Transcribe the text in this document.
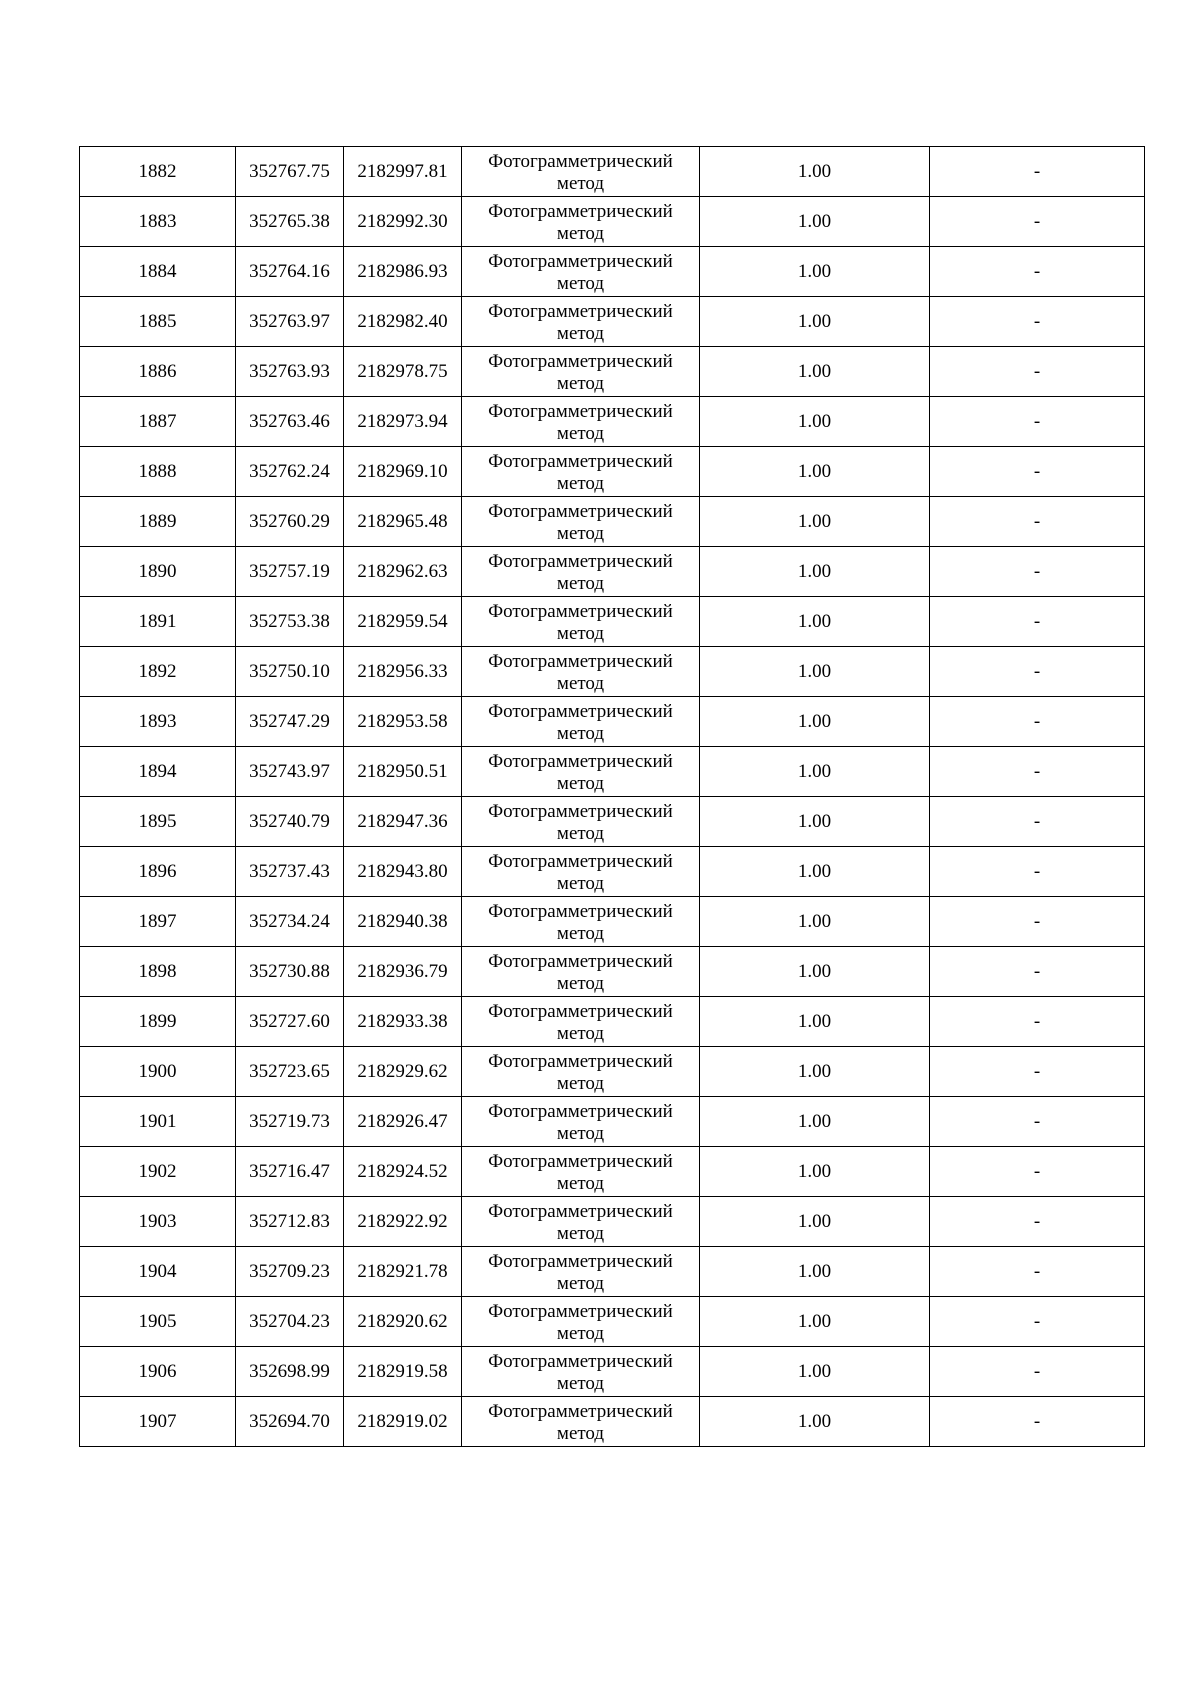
1882	352767.75	2182997.81	Фотограмметрический метод	1.00	-
1883	352765.38	2182992.30	Фотограмметрический метод	1.00	-
1884	352764.16	2182986.93	Фотограмметрический метод	1.00	-
1885	352763.97	2182982.40	Фотограмметрический метод	1.00	-
1886	352763.93	2182978.75	Фотограмметрический метод	1.00	-
1887	352763.46	2182973.94	Фотограмметрический метод	1.00	-
1888	352762.24	2182969.10	Фотограмметрический метод	1.00	-
1889	352760.29	2182965.48	Фотограмметрический метод	1.00	-
1890	352757.19	2182962.63	Фотограмметрический метод	1.00	-
1891	352753.38	2182959.54	Фотограмметрический метод	1.00	-
1892	352750.10	2182956.33	Фотограмметрический метод	1.00	-
1893	352747.29	2182953.58	Фотограмметрический метод	1.00	-
1894	352743.97	2182950.51	Фотограмметрический метод	1.00	-
1895	352740.79	2182947.36	Фотограмметрический метод	1.00	-
1896	352737.43	2182943.80	Фотограмметрический метод	1.00	-
1897	352734.24	2182940.38	Фотограмметрический метод	1.00	-
1898	352730.88	2182936.79	Фотограмметрический метод	1.00	-
1899	352727.60	2182933.38	Фотограмметрический метод	1.00	-
1900	352723.65	2182929.62	Фотограмметрический метод	1.00	-
1901	352719.73	2182926.47	Фотограмметрический метод	1.00	-
1902	352716.47	2182924.52	Фотограмметрический метод	1.00	-
1903	352712.83	2182922.92	Фотограмметрический метод	1.00	-
1904	352709.23	2182921.78	Фотограмметрический метод	1.00	-
1905	352704.23	2182920.62	Фотограмметрический метод	1.00	-
1906	352698.99	2182919.58	Фотограмметрический метод	1.00	-
1907	352694.70	2182919.02	Фотограмметрический метод	1.00	-
